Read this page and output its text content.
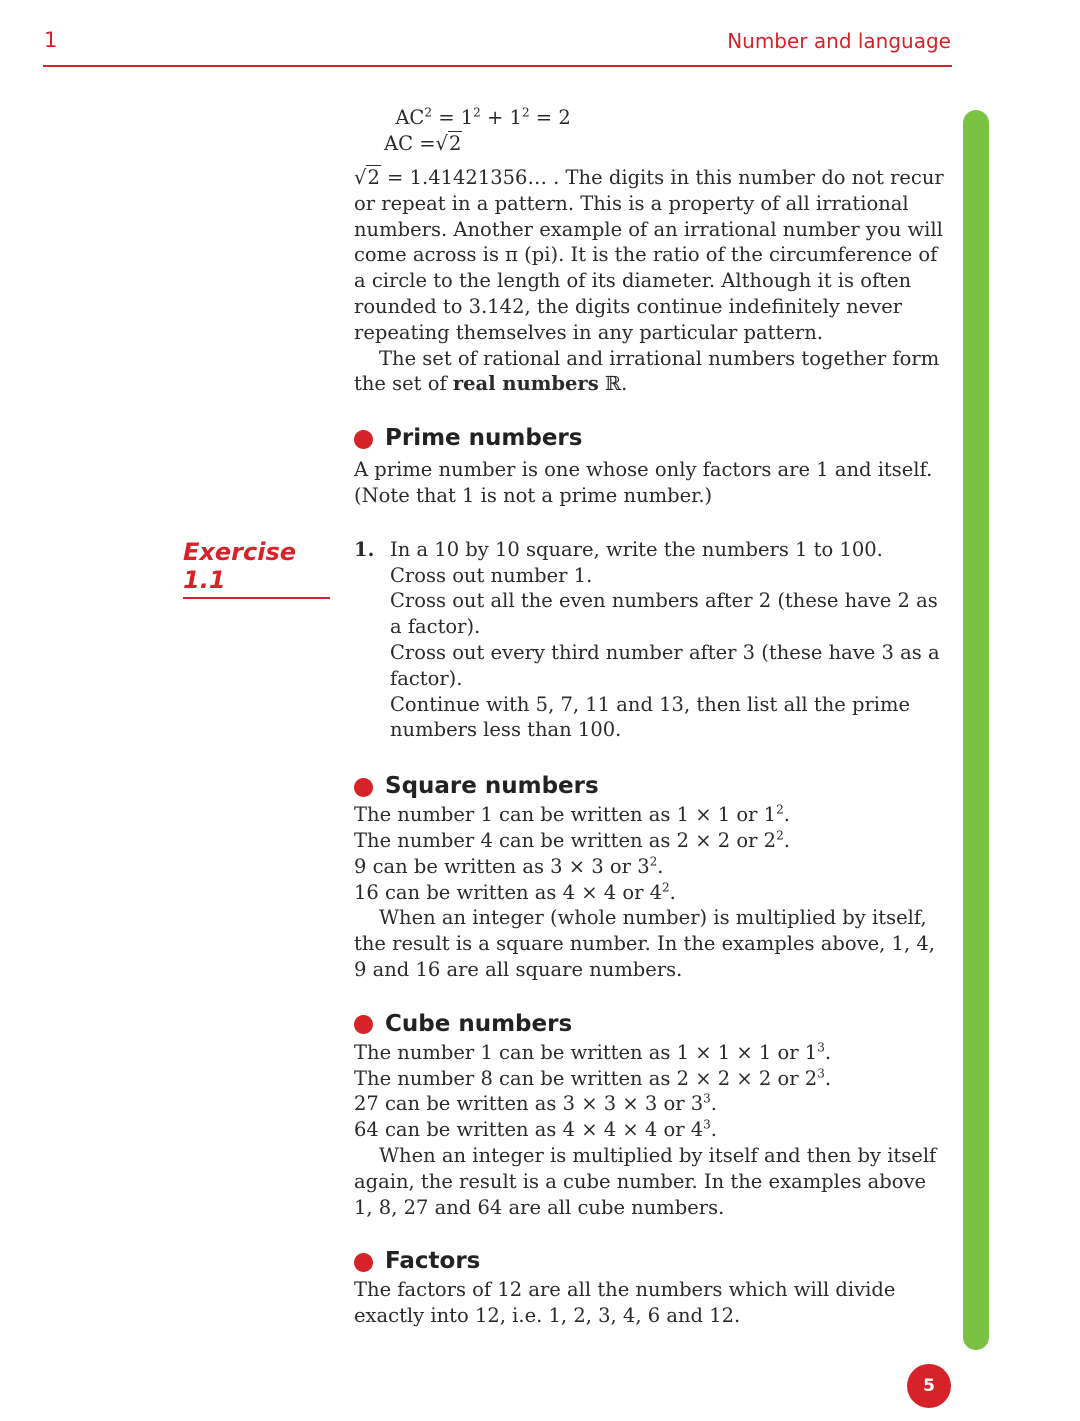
1	Number and language
Exercise 1.1
$AC^2 = 1^2 + 1^2 = 2$
AC =√2

√2 = 1.41421356… . The digits in this number do not recur or repeat in a pattern. This is a property of all irrational numbers. Another example of an irrational number you will come across is π (pi). It is the ratio of the circumference of a circle to the length of its diameter. Although it is often rounded to 3.142, the digits continue indefinitely never repeating themselves in any particular pattern.

The set of rational and irrational numbers together form the set of real numbers ℝ.

Prime numbers

A prime number is one whose only factors are 1 and itself. (Note that 1 is not a prime number.)

1. In a 10 by 10 square, write the numbers 1 to 100.
Cross out number 1.
Cross out all the even numbers after 2 (these have 2 as a factor).
Cross out every third number after 3 (these have 3 as a factor).
Continue with 5, 7, 11 and 13, then list all the prime numbers less than 100.
Square numbers
The number 1 can be written as 1 × 1 or $1^2$.
The number 4 can be written as 2 × 2 or $2^2$.
9 can be written as 3 × 3 or $3^2$.
16 can be written as 4 × 4 or $4^2$.

When an integer (whole number) is multiplied by itself, the result is a square number. In the examples above, 1, 4, 9 and 16 are all square numbers.

Cube numbers
The number 1 can be written as 1 × 1 × 1 or $1^3$.
The number 8 can be written as 2 × 2 × 2 or $2^3$.
27 can be written as 3 × 3 × 3 or $3^3$.
64 can be written as 4 × 4 × 4 or $4^3$.

When an integer is multiplied by itself and then by itself again, the result is a cube number. In the examples above 1, 8, 27 and 64 are all cube numbers.

Factors

The factors of 12 are all the numbers which will divide exactly into 12, i.e. 1, 2, 3, 4, 6 and 12.

5
